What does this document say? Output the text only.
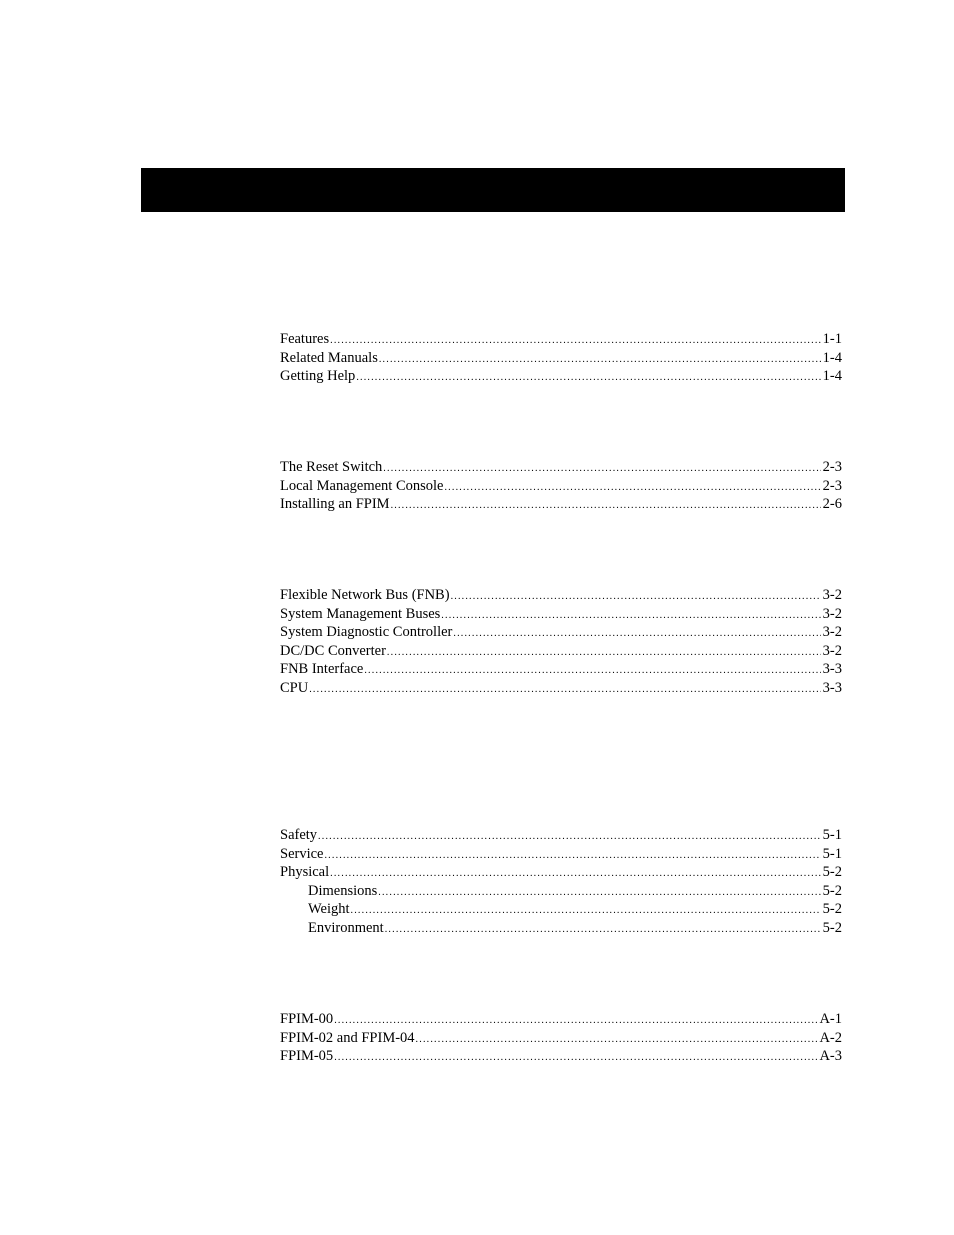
Features .....	1-1
Related Manuals .....	1-4
Getting Help .....	1-4
The Reset Switch .....	2-3
Local Management Console .....	2-3
Installing an FPIM .....	2-6
Flexible Network Bus (FNB) .....	3-2
System Management Buses .....	3-2
System Diagnostic Controller .....	3-2
DC/DC Converter .....	3-2
FNB Interface .....	3-3
CPU .....	3-3
Safety .....	5-1
Service .....	5-1
Physical .....	5-2
Dimensions .....	5-2
Weight .....	5-2
Environment .....	5-2
FPIM-00 .....	A-1
FPIM-02 and FPIM-04 .....	A-2
FPIM-05 .....	A-3
